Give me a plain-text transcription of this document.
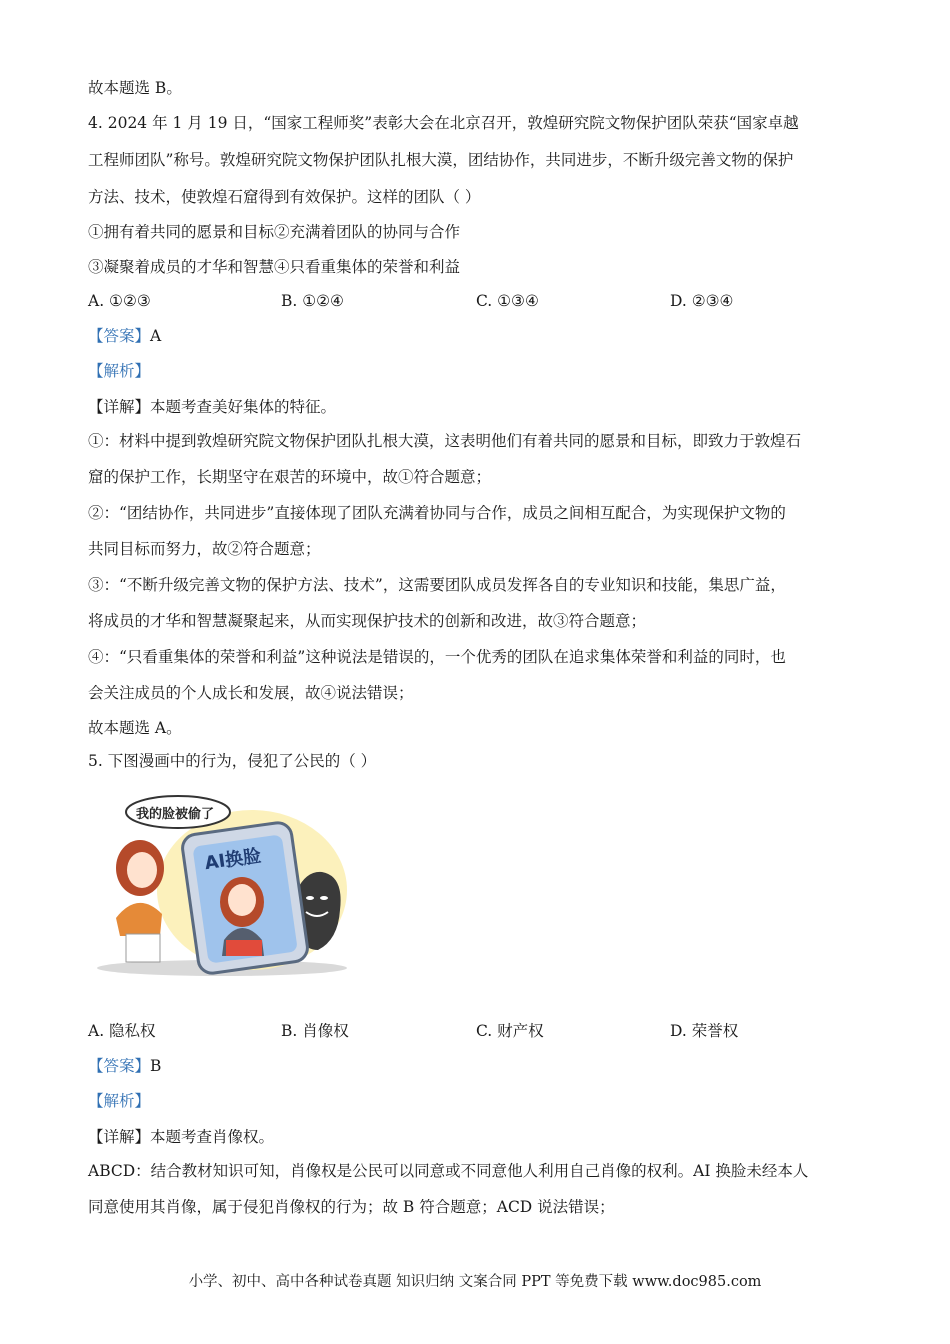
故本题选 B。
4. 2024 年 1 月 19 日，“国家工程师奖”表彰大会在北京召开，敦煌研究院文物保护团队荣获“国家卓越
工程师团队”称号。敦煌研究院文物保护团队扎根大漠，团结协作，共同进步，不断升级完善文物的保护
方法、技术，使敦煌石窟得到有效保护。这样的团队（ ）
①拥有着共同的愿景和目标②充满着团队的协同与合作
③凝聚着成员的才华和智慧④只看重集体的荣誉和利益
A. ①②③	B. ①②④	C. ①③④	D. ②③④
【答案】A
【解析】
【详解】本题考查美好集体的特征。
①：材料中提到敦煌研究院文物保护团队扎根大漠，这表明他们有着共同的愿景和目标，即致力于敦煌石
窟的保护工作，长期坚守在艰苦的环境中，故①符合题意；
②：“团结协作，共同进步”直接体现了团队充满着协同与合作，成员之间相互配合，为实现保护文物的
共同目标而努力，故②符合题意；
③：“不断升级完善文物的保护方法、技术”，这需要团队成员发挥各自的专业知识和技能，集思广益，
将成员的才华和智慧凝聚起来，从而实现保护技术的创新和改进，故③符合题意；
④：“只看重集体的荣誉和利益”这种说法是错误的，一个优秀的团队在追求集体荣誉和利益的同时，也
会关注成员的个人成长和发展，故④说法错误；
故本题选 A。
5. 下图漫画中的行为，侵犯了公民的（ ）
AI换脸
我的脸被偷了
A. 隐私权	B. 肖像权	C. 财产权	D. 荣誉权
【答案】B
【解析】
【详解】本题考查肖像权。
ABCD：结合教材知识可知，肖像权是公民可以同意或不同意他人利用自己肖像的权利。AI 换脸未经本人
同意使用其肖像，属于侵犯肖像权的行为；故 B 符合题意；ACD 说法错误；
小学、初中、高中各种试卷真题 知识归纳 文案合同 PPT 等免费下载 www.doc985.com
